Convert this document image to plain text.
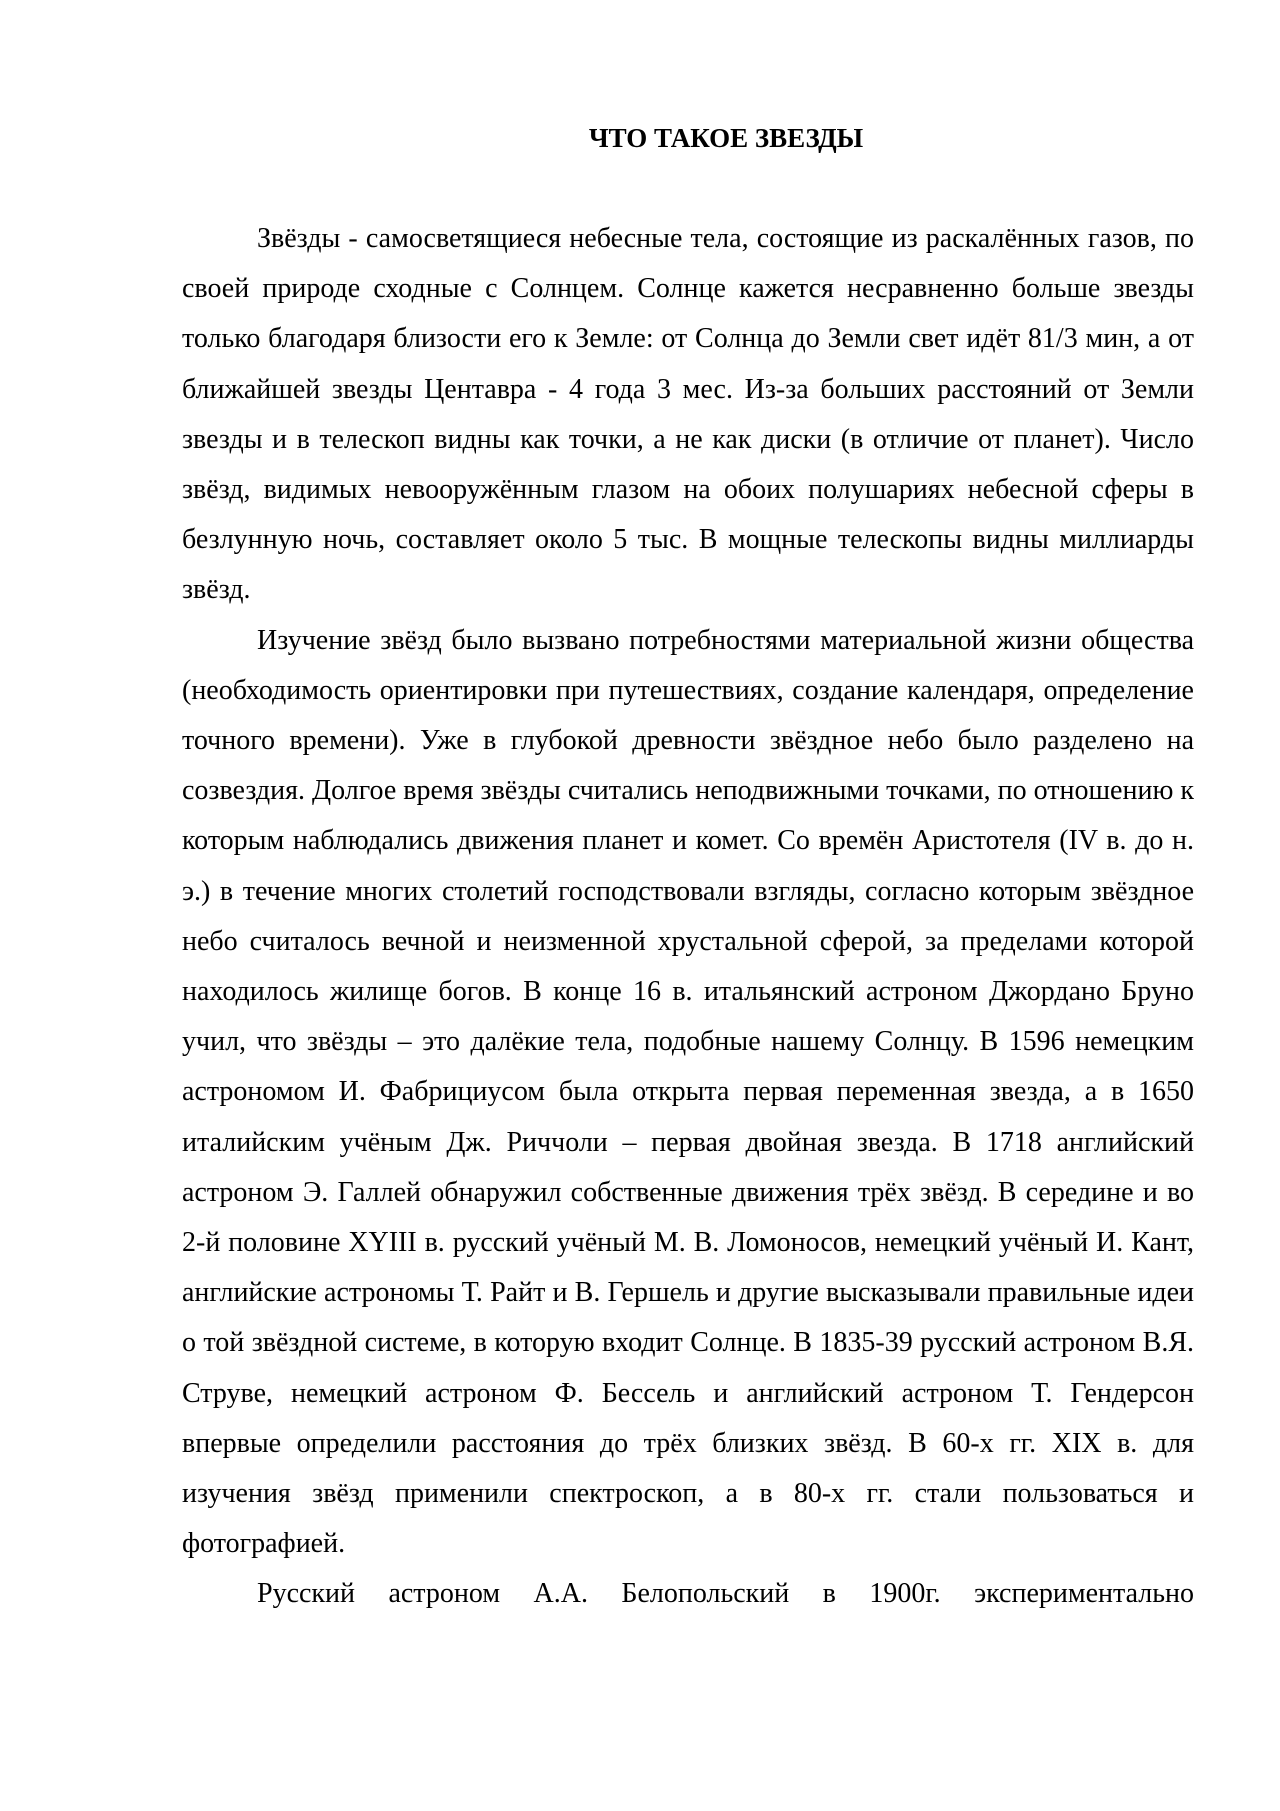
ЧТО ТАКОЕ ЗВЕЗДЫ

Звёзды - самосветящиеся небесные тела, состоящие из раскалённых газов, по своей природе сходные с Солнцем. Солнце кажется несравненно больше звезды только благодаря близости его к Земле: от Солнца до Земли свет идёт 81/3 мин, а от ближайшей звезды Центавра - 4 года 3 мес. Из-за больших расстояний от Земли звезды и в телескоп видны как точки, а не как диски (в отличие от планет). Число звёзд, видимых невооружённым глазом на обоих полушариях небесной сферы в безлунную ночь, составляет около 5 тыс. В мощные телескопы видны миллиарды звёзд.

Изучение звёзд было вызвано потребностями материальной жизни общества (необходимость ориентировки при путешествиях, создание календаря, определение точного времени). Уже в глубокой древности звёздное небо было разделено на созвездия. Долгое время звёзды считались неподвижными точками, по отношению к которым наблюдались движения планет и комет. Со времён Аристотеля (IV в. до н. э.) в течение многих столетий господствовали взгляды, согласно которым звёздное небо считалось вечной и неизменной хрустальной сферой, за пределами которой находилось жилище богов. В конце 16 в. итальянский астроном Джордано Бруно учил, что звёзды – это далёкие тела, подобные нашему Солнцу. В 1596 немецким астрономом И. Фабрициусом была открыта первая переменная звезда, а в 1650 италийским учёным Дж. Риччоли – первая двойная звезда. В 1718 английский астроном Э. Галлей обнаружил собственные движения трёх звёзд. В середине и во 2-й половине XYIII в. русский учёный М. В. Ломоносов, немецкий учёный И. Кант, английские астрономы Т. Райт и В. Гершель и другие высказывали правильные идеи о той звёздной системе, в которую входит Солнце. В 1835-39 русский астроном В.Я. Струве, немецкий астроном Ф. Бессель и английский астроном Т. Гендерсон впервые определили расстояния до трёх близких звёзд. В 60-х гг. XIX в. для изучения звёзд применили спектроскоп, а в 80-х гг. стали пользоваться и фотографией.

Русский астроном А.А. Белопольский в 1900г. экспериментально
